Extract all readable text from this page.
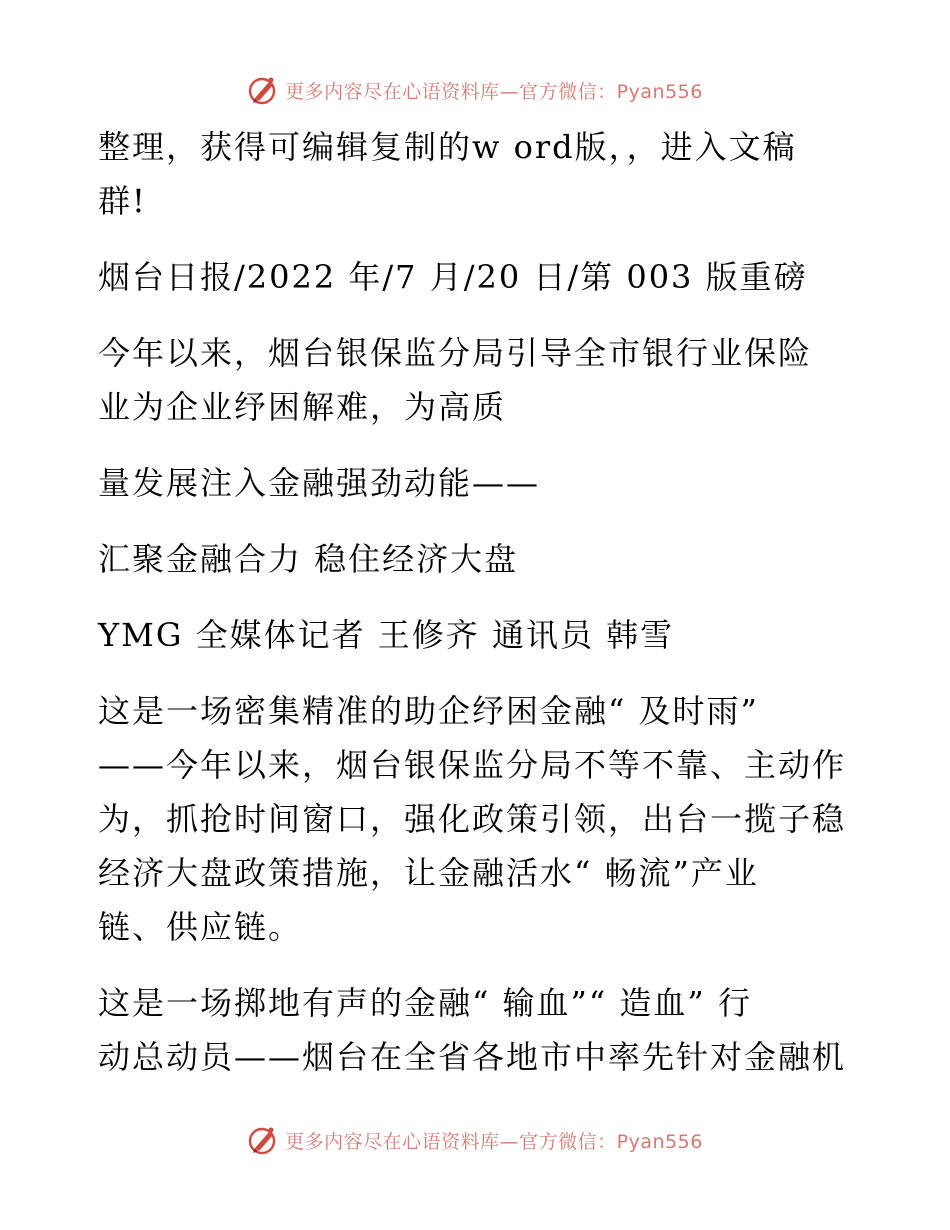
更多内容尽在心语资料库—官方微信：Pyan556

整理，获得可编辑复制的w ord版，，进入文稿

群!

烟台日报/2022 年/7 月/20 日/第 003 版重磅

今年以来，烟台银保监分局引导全市银行业保险

业为企业纾困解难，为高质

量发展注入金融强劲动能——

汇聚金融合力 稳住经济大盘

YMG 全媒体记者 王修齐 通讯员 韩雪

这是一场密集精准的助企纾困金融“ 及时雨”

——今年以来，烟台银保监分局不等不靠、主动作

为，抓抢时间窗口，强化政策引领，出台一揽子稳

经济大盘政策措施，让金融活水“ 畅流”产业

链、供应链。

这是一场掷地有声的金融“ 输血”“ 造血” 行

动总动员——烟台在全省各地市中率先针对金融机

更多内容尽在心语资料库—官方微信：Pyan556
